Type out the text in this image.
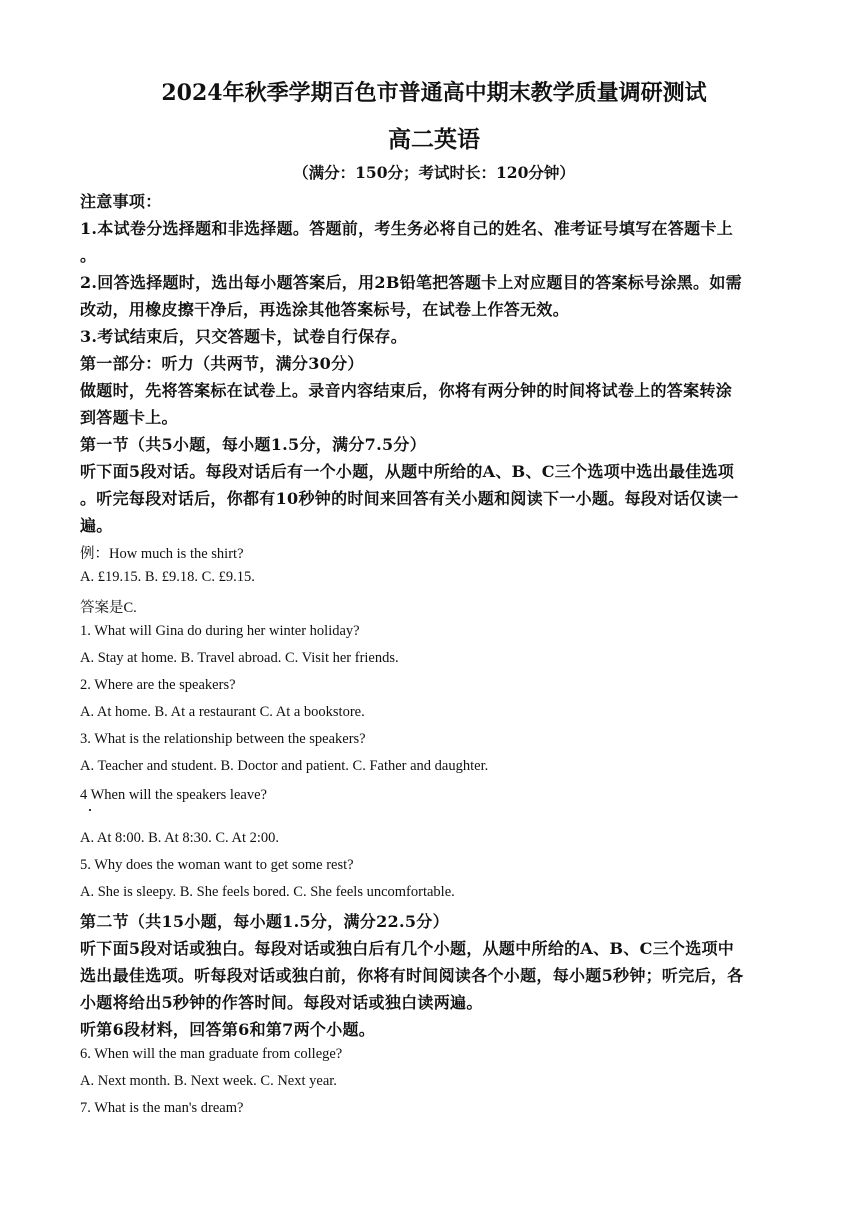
2024年秋季学期百色市普通高中期末教学质量调研测试
高二英语
（满分：150分；考试时长：120分钟）
注意事项：
1.本试卷分选择题和非选择题。答题前，考生务必将自己的姓名、准考证号填写在答题卡上
。
2.回答选择题时，选出每小题答案后，用2B铅笔把答题卡上对应题目的答案标号涂黑。如需
改动，用橡皮擦干净后，再选涂其他答案标号，在试卷上作答无效。
3.考试结束后，只交答题卡，试卷自行保存。
第一部分：听力（共两节，满分30分）
做题时，先将答案标在试卷上。录音内容结束后，你将有两分钟的时间将试卷上的答案转涂
到答题卡上。
第一节（共5小题，每小题1.5分，满分7.5分）
听下面5段对话。每段对话后有一个小题，从题中所给的A、B、C三个选项中选出最佳选项
。听完每段对话后，你都有10秒钟的时间来回答有关小题和阅读下一小题。每段对话仅读一
遍。
例：How much is the shirt?
A. £19.15. B. £9.18. C. £9.15.
答案是C.
1. What will Gina do during her winter holiday?
A. Stay at home. B. Travel abroad. C. Visit her friends.
2. Where are the speakers?
A. At home. B. At a restaurant C. At a bookstore.
3. What is the relationship between the speakers?
A. Teacher and student. B. Doctor and patient. C. Father and daughter.
4 When will the speakers leave?
A. At 8:00. B. At 8:30. C. At 2:00.
5. Why does the woman want to get some rest?
A. She is sleepy. B. She feels bored. C. She feels uncomfortable.
第二节（共15小题，每小题1.5分，满分22.5分）
听下面5段对话或独白。每段对话或独白后有几个小题，从题中所给的A、B、C三个选项中
选出最佳选项。听每段对话或独白前，你将有时间阅读各个小题，每小题5秒钟；听完后，各
小题将给出5秒钟的作答时间。每段对话或独白读两遍。
听第6段材料，回答第6和第7两个小题。
6. When will the man graduate from college?
A. Next month. B. Next week. C. Next year.
7. What is the man's dream?
